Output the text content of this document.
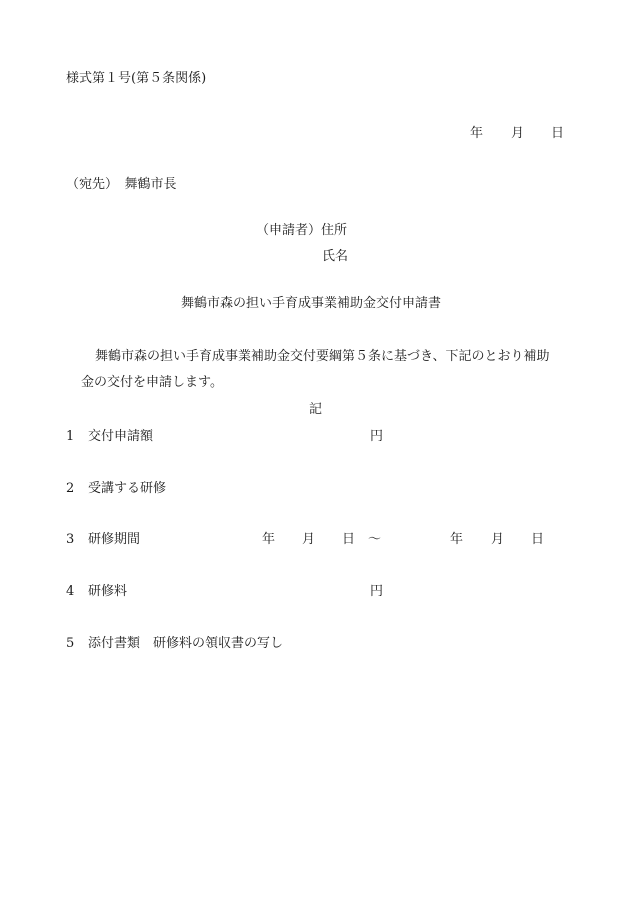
様式第１号(第５条関係)
年 月 日
（宛先）　舞鶴市長
（申請者）住所
氏名
舞鶴市森の担い手育成事業補助金交付申請書
舞鶴市森の担い手育成事業補助金交付要綱第５条に基づき、下記のとおり補助
金の交付を申請します。
記
1 交付申請額	円
2 受講する研修
3 研修期間	年 月 日 ～	年 月 日
4 研修料	円
5 添付書類　研修料の領収書の写し
